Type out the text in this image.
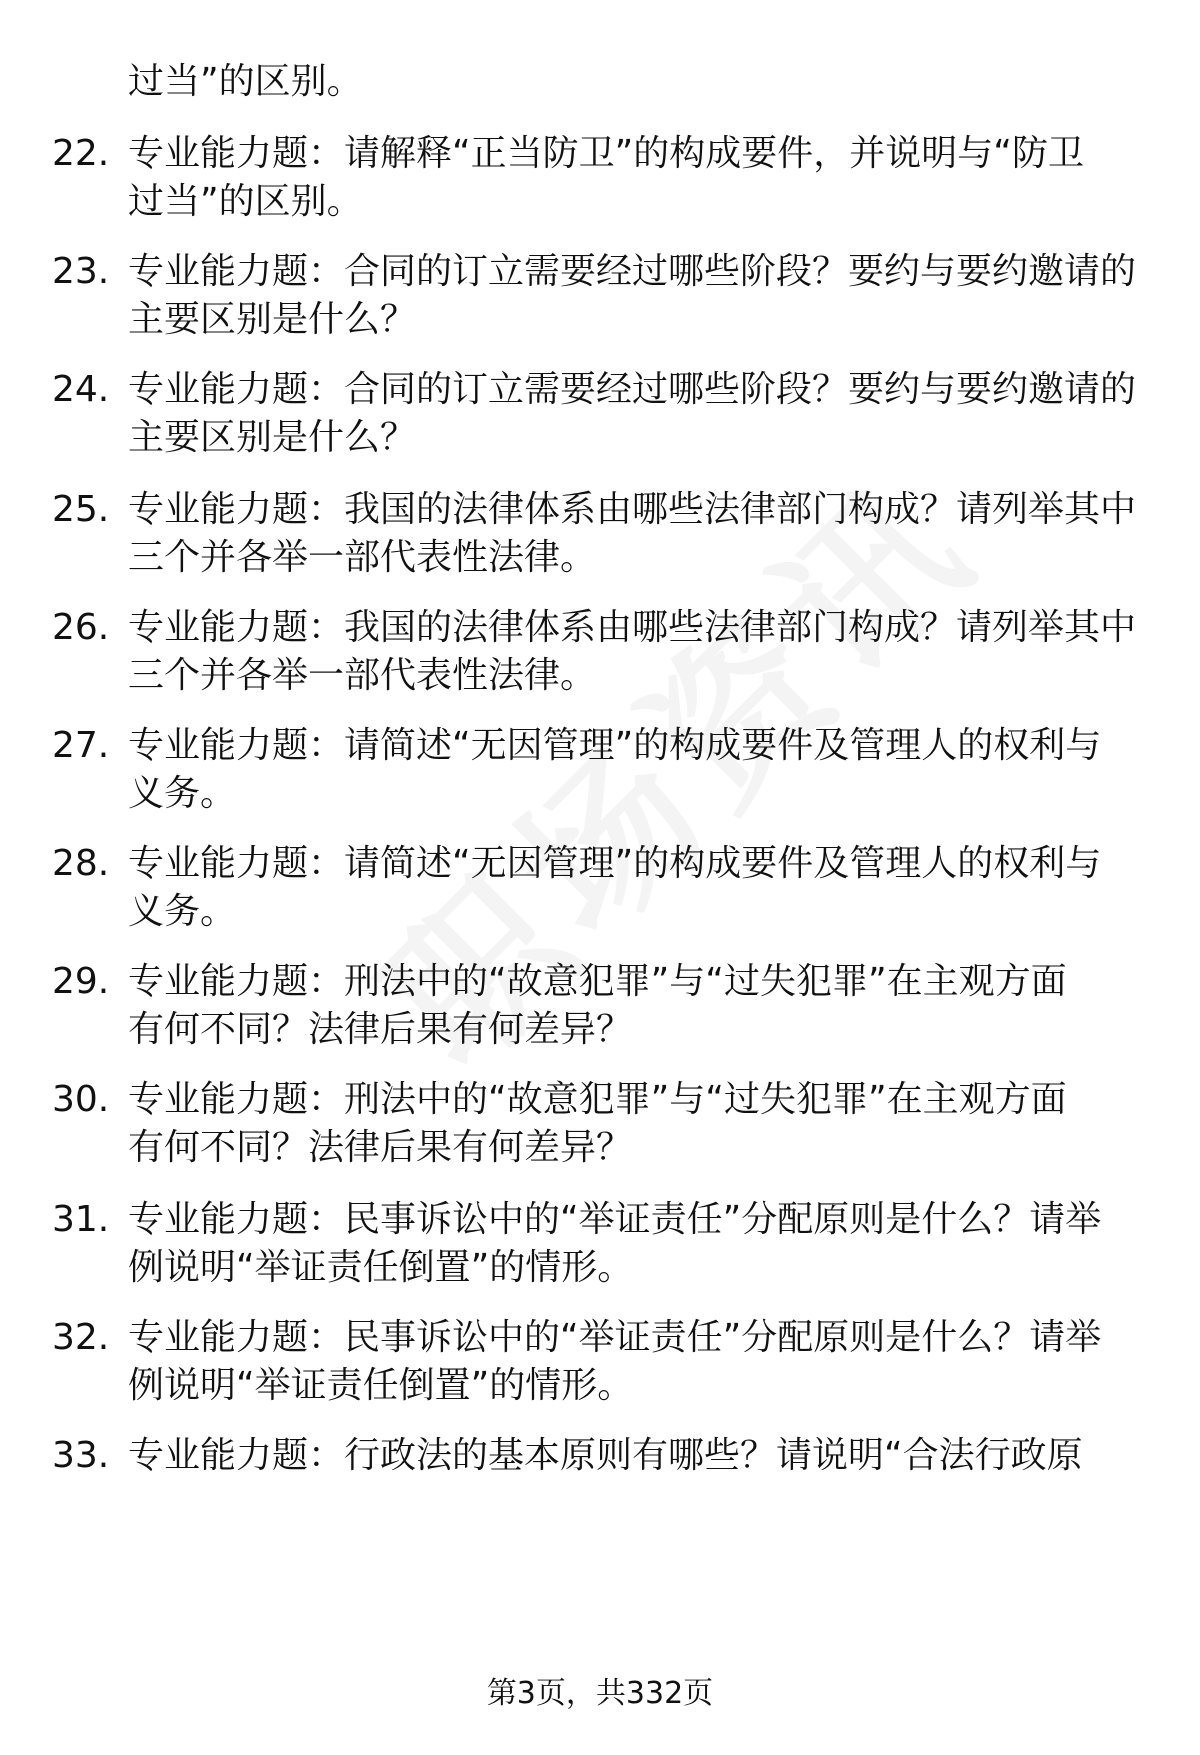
过当”的区别。
22. 专业能力题：请解释“正当防卫”的构成要件，并说明与“防卫
过当”的区别。
23. 专业能力题：合同的订立需要经过哪些阶段？要约与要约邀请的
主要区别是什么？
24. 专业能力题：合同的订立需要经过哪些阶段？要约与要约邀请的
主要区别是什么？
25. 专业能力题：我国的法律体系由哪些法律部门构成？请列举其中
三个并各举一部代表性法律。
26. 专业能力题：我国的法律体系由哪些法律部门构成？请列举其中
三个并各举一部代表性法律。
27. 专业能力题：请简述“无因管理”的构成要件及管理人的权利与
义务。
28. 专业能力题：请简述“无因管理”的构成要件及管理人的权利与
义务。
29. 专业能力题：刑法中的“故意犯罪”与“过失犯罪”在主观方面
有何不同？法律后果有何差异？
30. 专业能力题：刑法中的“故意犯罪”与“过失犯罪”在主观方面
有何不同？法律后果有何差异？
31. 专业能力题：民事诉讼中的“举证责任”分配原则是什么？请举
例说明“举证责任倒置”的情形。
32. 专业能力题：民事诉讼中的“举证责任”分配原则是什么？请举
例说明“举证责任倒置”的情形。
33. 专业能力题：行政法的基本原则有哪些？请说明“合法行政原
第3页，共332页
